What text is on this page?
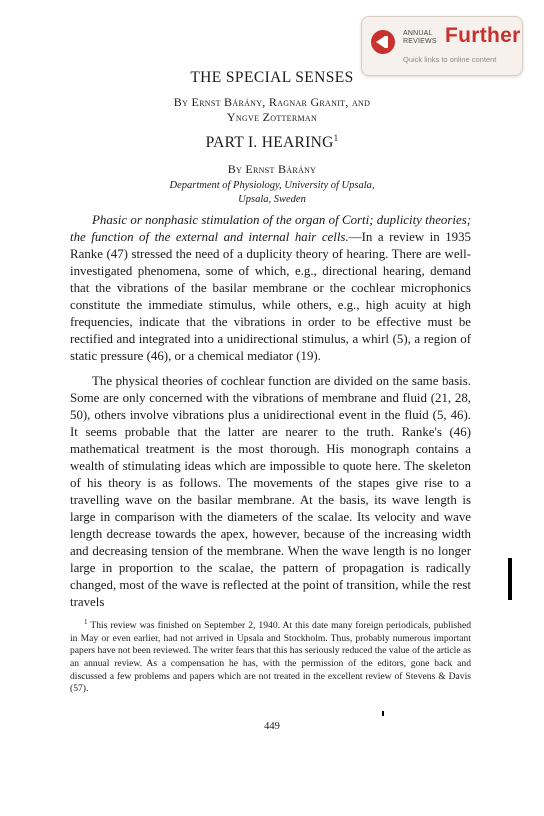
ANNUAL REVIEWS Further
Quick links to online content
THE SPECIAL SENSES
By Ernst Bárány, Ragnar Granit, and
Yngve Zotterman
PART I. HEARING$^1$
By Ernst Bárány
Department of Physiology, University of Upsala,
Upsala, Sweden

Phasic or nonphasic stimulation of the organ of Corti; duplicity theories; the function of the external and internal hair cells.—In a review in 1935 Ranke (47) stressed the need of a duplicity theory of hearing. There are well-investigated phenomena, some of which, e.g., directional hearing, demand that the vibrations of the basilar membrane or the cochlear microphonics constitute the immediate stimulus, while others, e.g., high acuity at high frequencies, indicate that the vibrations in order to be effective must be rectified and integrated into a unidirectional stimulus, a whirl (5), a region of static pressure (46), or a chemical mediator (19).

The physical theories of cochlear function are divided on the same basis. Some are only concerned with the vibrations of membrane and fluid (21, 28, 50), others involve vibrations plus a unidirectional event in the fluid (5, 46). It seems probable that the latter are nearer to the truth. Ranke's (46) mathematical treatment is the most thorough. His monograph contains a wealth of stimulating ideas which are impossible to quote here. The skeleton of his theory is as follows. The movements of the stapes give rise to a travelling wave on the basilar membrane. At the basis, its wave length is large in comparison with the diameters of the scalae. Its velocity and wave length decrease towards the apex, however, because of the increasing width and decreasing tension of the membrane. When the wave length is no longer large in proportion to the scalae, the pattern of propagation is radically changed, most of the wave is reflected at the point of transition, while the rest travels

$^1$ This review was finished on September 2, 1940. At this date many foreign periodicals, published in May or even earlier, had not arrived in Upsala and Stockholm. Thus, probably numerous important papers have not been reviewed. The writer fears that this has seriously reduced the value of the article as an annual review. As a compensation he has, with the permission of the editors, gone back and discussed a few problems and papers which are not treated in the excellent review of Stevens & Davis (57).

449
